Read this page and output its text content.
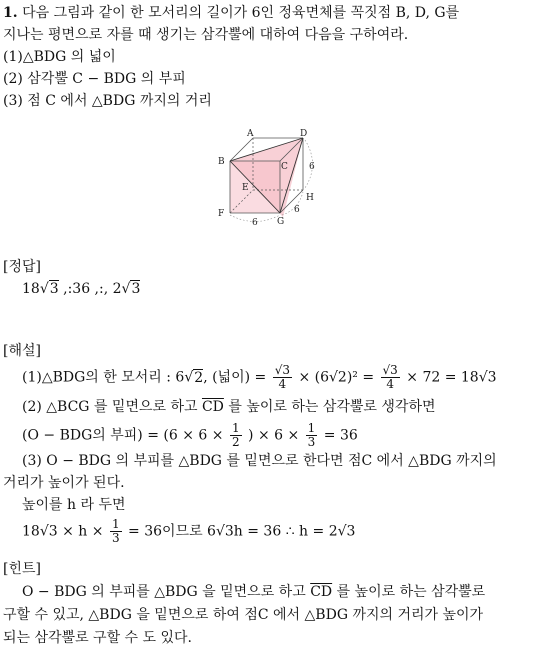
1. 다음 그림과 같이 한 모서리의 길이가 6인 정육면체를 꼭짓점 B, D, G를
지나는 평면으로 자를 때 생기는 삼각뿔에 대하여 다음을 구하여라.
(1)△BDG 의 넓이
(2) 삼각뿔 C − BDG 의 부피
(3) 점 C 에서 △BDG 까지의 거리
A	D
B	C
E
H
F
G
6
6
6
[정답]
18√3 ,:36 ,:, 2√3
[해설]
(1)△BDG의 한 모서리 : 6√2, (넓이) = $\frac{√3}{4} \times (6√2)^2 = \frac{√3}{4} \times 72 = 18√3$
(2) △BCG 를 밑면으로 하고 $\overline{CD}$ 를 높이로 하는 삼각뿔로 생각하면
(O − BDG의 부피) = ($6 \times 6 \times \frac{1}{2}$ ) × $6 \times \frac{1}{3} = 36$
(3) O − BDG 의 부피를 △BDG 를 밑면으로 한다면 점C 에서 △BDG 까지의
거리가 높이가 된다.
높이를 h 라 두면
$18√3 \times h \times \frac{1}{3} = 36$이므로 6√3h = 36 ∴ h = 2√3
[힌트]
O − BDG 의 부피를 △BDG 을 밑면으로 하고 $\overline{CD}$ 를 높이로 하는 삼각뿔로
구할 수 있고, △BDG 을 밑면으로 하여 점C 에서 △BDG 까지의 거리가 높이가
되는 삼각뿔로 구할 수 도 있다.
